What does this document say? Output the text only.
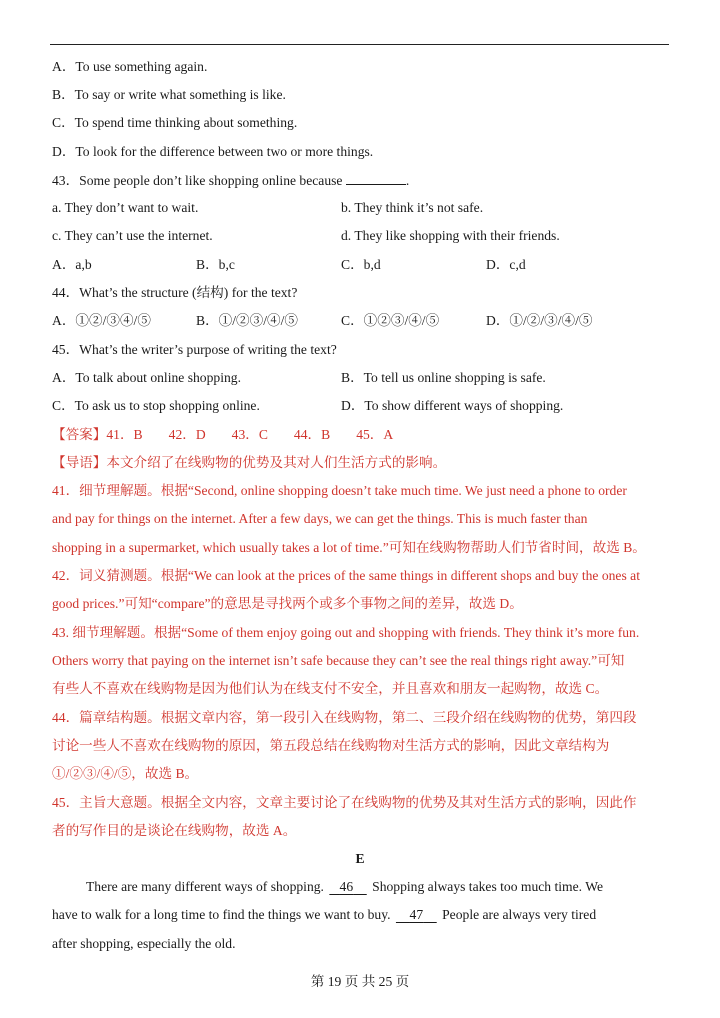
A．To use something again.
B．To say or write what something is like.
C．To spend time thinking about something.
D．To look for the difference between two or more things.
43．Some people don’t like shopping online because	.
a. They don’t want to wait.	b. They think it’s not safe.
c. They can’t use the internet.	d. They like shopping with their friends.
A．a,b	B．b,c	C．b,d	D．c,d
44．What’s the structure (结构) for the text?
A．①②/③④/⑤	B．①/②③/④/⑤	C．①②③/④/⑤	D．①/②/③/④/⑤
45．What’s the writer’s purpose of writing the text?
A．To talk about online shopping.	B．To tell us online shopping is safe.
C．To ask us to stop shopping online.	D．To show different ways of shopping.
【答案】41．B 42．D 43．C 44．B 45．A
【导语】本文介绍了在线购物的优势及其对人们生活方式的影响。
41．细节理解题。根据“Second, online shopping doesn’t take much time. We just need a phone to order
and pay for things on the internet. After a few days, we can get the things. This is much faster than
shopping in a supermarket, which usually takes a lot of time.”可知在线购物帮助人们节省时间，故选 B。
42．词义猜测题。根据“We can look at the prices of the same things in different shops and buy the ones at
good prices.”可知“compare”的意思是寻找两个或多个事物之间的差异，故选 D。
43. 细节理解题。根据“Some of them enjoy going out and shopping with friends. They think it’s more fun.
Others worry that paying on the internet isn’t safe because they can’t see the real things right away.”可知
有些人不喜欢在线购物是因为他们认为在线支付不安全，并且喜欢和朋友一起购物，故选 C。
44．篇章结构题。根据文章内容，第一段引入在线购物，第二、三段介绍在线购物的优势，第四段
讨论一些人不喜欢在线购物的原因，第五段总结在线购物对生活方式的影响，因此文章结构为
①/②③/④/⑤，故选 B。
45．主旨大意题。根据全文内容，文章主要讨论了在线购物的优势及其对生活方式的影响，因此作
者的写作目的是谈论在线购物，故选 A。
E
There are many different ways of shopping. 46 Shopping always takes too much time. We
have to walk for a long time to find the things we want to buy. 47 People are always very tired
after shopping, especially the old.
第 19 页 共 25 页
